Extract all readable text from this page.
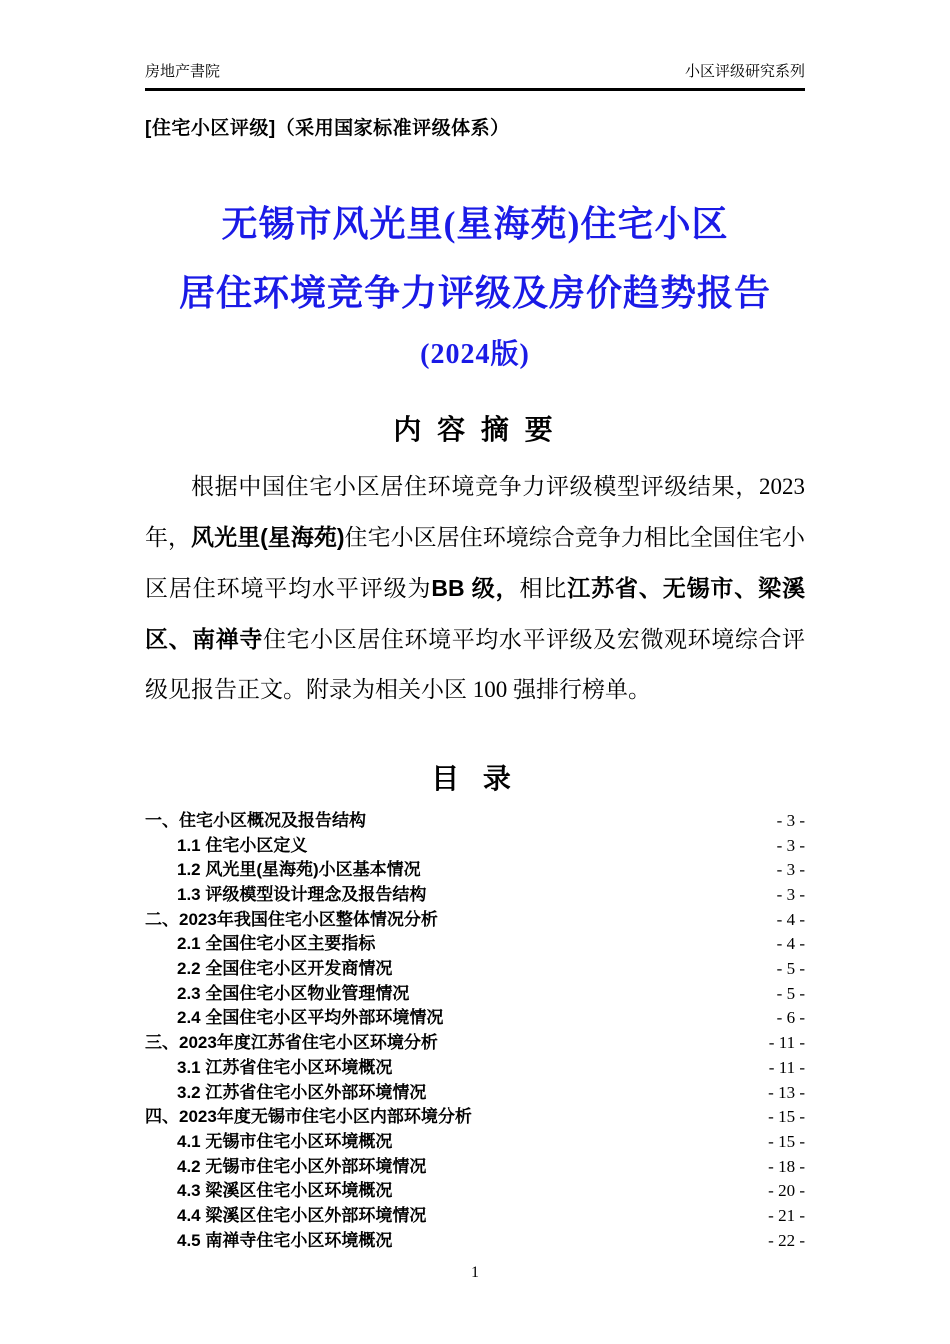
房地产書院	小区评级研究系列
[住宅小区评级]（采用国家标准评级体系）
无锡市风光里(星海苑)住宅小区
居住环境竞争力评级及房价趋势报告
(2024版)
内 容 摘 要

根据中国住宅小区居住环境竞争力评级模型评级结果，2023 年，风光里(星海苑)住宅小区居住环境综合竞争力相比全国住宅小区居住环境平均水平评级为BB 级，相比江苏省、无锡市、梁溪区、南禅寺住宅小区居住环境平均水平评级及宏微观环境综合评级见报告正文。附录为相关小区 100 强排行榜单。

目 录
一、住宅小区概况及报告结构	- 3 -
1.1 住宅小区定义	- 3 -
1.2 风光里(星海苑)小区基本情况	- 3 -
1.3 评级模型设计理念及报告结构	- 3 -
二、2023年我国住宅小区整体情况分析	- 4 -
2.1 全国住宅小区主要指标	- 4 -
2.2 全国住宅小区开发商情况	- 5 -
2.3 全国住宅小区物业管理情况	- 5 -
2.4 全国住宅小区平均外部环境情况	- 6 -
三、2023年度江苏省住宅小区环境分析	- 11 -
3.1 江苏省住宅小区环境概况	- 11 -
3.2 江苏省住宅小区外部环境情况	- 13 -
四、2023年度无锡市住宅小区内部环境分析	- 15 -
4.1 无锡市住宅小区环境概况	- 15 -
4.2 无锡市住宅小区外部环境情况	- 18 -
4.3 梁溪区住宅小区环境概况	- 20 -
4.4 梁溪区住宅小区外部环境情况	- 21 -
4.5 南禅寺住宅小区环境概况	- 22 -
1
